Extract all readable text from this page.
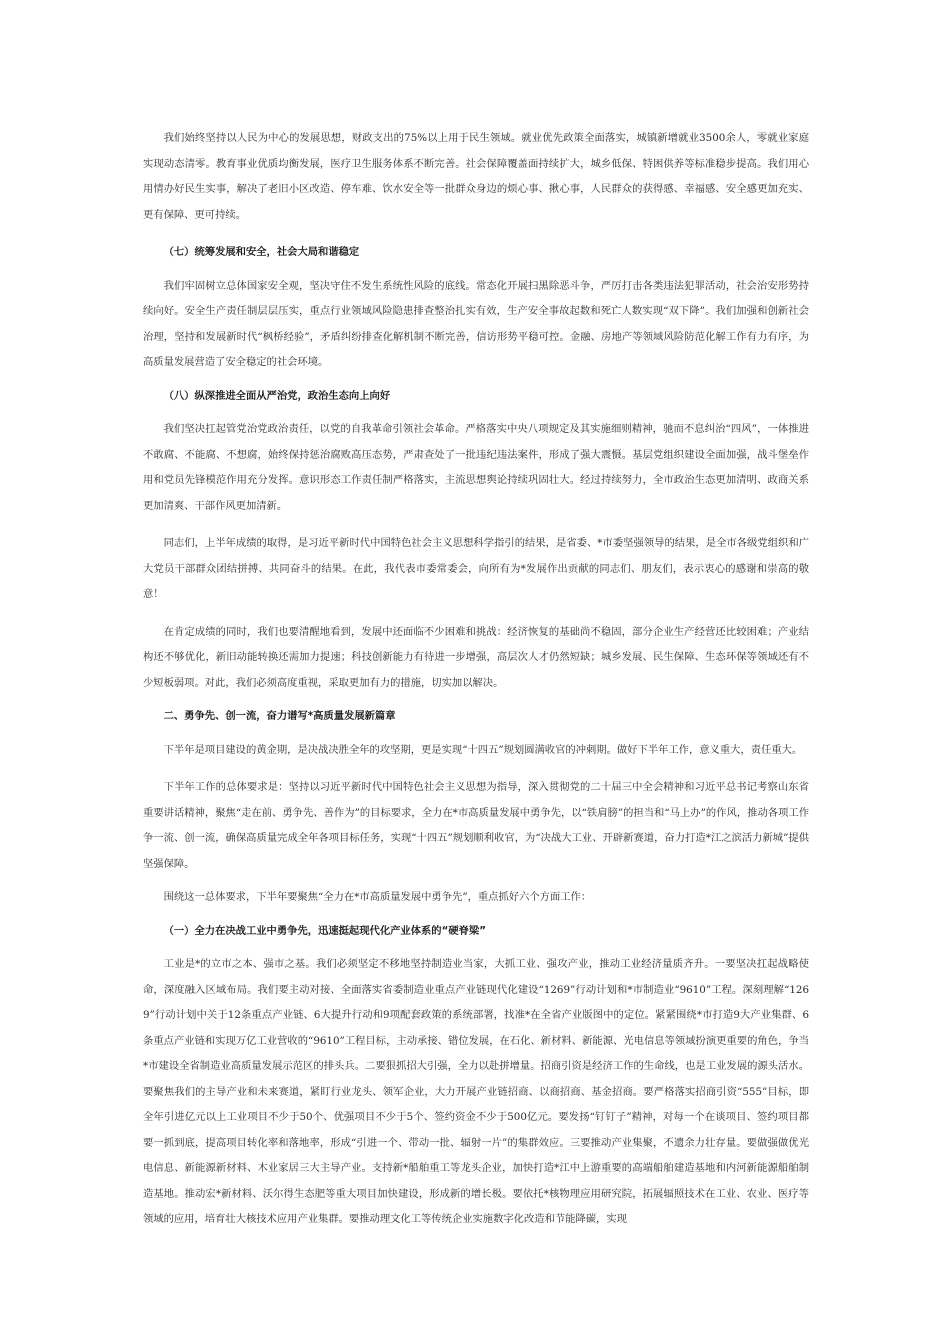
我们始终坚持以人民为中心的发展思想，财政支出的75%以上用于民生领域。就业优先政策全面落实，城镇新增就业3500余人，零就业家庭实现动态清零。教育事业优质均衡发展，医疗卫生服务体系不断完善。社会保障覆盖面持续扩大，城乡低保、特困供养等标准稳步提高。我们用心用情办好民生实事，解决了老旧小区改造、停车难、饮水安全等一批群众身边的烦心事、揪心事，人民群众的获得感、幸福感、安全感更加充实、更有保障、更可持续。

（七）统筹发展和安全，社会大局和谐稳定

我们牢固树立总体国家安全观，坚决守住不发生系统性风险的底线。常态化开展扫黑除恶斗争，严厉打击各类违法犯罪活动，社会治安形势持续向好。安全生产责任制层层压实，重点行业领域风险隐患排查整治扎实有效，生产安全事故起数和死亡人数实现“双下降”。我们加强和创新社会治理，坚持和发展新时代“枫桥经验”，矛盾纠纷排查化解机制不断完善，信访形势平稳可控。金融、房地产等领域风险防范化解工作有力有序，为高质量发展营造了安全稳定的社会环境。

（八）纵深推进全面从严治党，政治生态向上向好

我们坚决扛起管党治党政治责任，以党的自我革命引领社会革命。严格落实中央八项规定及其实施细则精神，驰而不息纠治“四风”，一体推进不敢腐、不能腐、不想腐，始终保持惩治腐败高压态势，严肃查处了一批违纪违法案件，形成了强大震慑。基层党组织建设全面加强，战斗堡垒作用和党员先锋模范作用充分发挥。意识形态工作责任制严格落实，主流思想舆论持续巩固壮大。经过持续努力，全市政治生态更加清明、政商关系更加清爽、干部作风更加清新。

同志们，上半年成绩的取得，是习近平新时代中国特色社会主义思想科学指引的结果，是省委、*市委坚强领导的结果，是全市各级党组织和广大党员干部群众团结拼搏、共同奋斗的结果。在此，我代表市委常委会，向所有为*发展作出贡献的同志们、朋友们，表示衷心的感谢和崇高的敬意！

在肯定成绩的同时，我们也要清醒地看到，发展中还面临不少困难和挑战：经济恢复的基础尚不稳固，部分企业生产经营还比较困难；产业结构还不够优化，新旧动能转换还需加力提速；科技创新能力有待进一步增强，高层次人才仍然短缺；城乡发展、民生保障、生态环保等领域还有不少短板弱项。对此，我们必须高度重视，采取更加有力的措施，切实加以解决。

二、勇争先、创一流，奋力谱写*高质量发展新篇章

下半年是项目建设的黄金期，是决战决胜全年的攻坚期，更是实现“十四五”规划圆满收官的冲刺期。做好下半年工作，意义重大，责任重大。

下半年工作的总体要求是：坚持以习近平新时代中国特色社会主义思想为指导，深入贯彻党的二十届三中全会精神和习近平总书记考察山东省重要讲话精神，聚焦“走在前、勇争先、善作为”的目标要求，全力在*市高质量发展中勇争先，以“铁肩膀”的担当和“马上办”的作风，推动各项工作争一流、创一流，确保高质量完成全年各项目标任务，实现“十四五”规划顺利收官，为“决战大工业、开辟新赛道，奋力打造*江之滨活力新城”提供坚强保障。

围绕这一总体要求，下半年要聚焦“全力在*市高质量发展中勇争先”，重点抓好六个方面工作：

（一）全力在决战工业中勇争先，迅速挺起现代化产业体系的“硬脊梁”

工业是*的立市之本、强市之基。我们必须坚定不移地坚持制造业当家，大抓工业、强攻产业，推动工业经济量质齐升。一要坚决扛起战略使命，深度融入区域布局。我们要主动对接、全面落实省委制造业重点产业链现代化建设“1269”行动计划和*市制造业“9610”工程。深刻理解“1269”行动计划中关于12条重点产业链、6大提升行动和9项配套政策的系统部署，找准*在全省产业版图中的定位。紧紧围绕*市打造9大产业集群、6条重点产业链和实现万亿工业营收的“9610”工程目标，主动承接、错位发展，在石化、新材料、新能源、光电信息等领域扮演更重要的角色，争当*市建设全省制造业高质量发展示范区的排头兵。二要狠抓招大引强，全力以赴拼增量。招商引资是经济工作的生命线，也是工业发展的源头活水。要聚焦我们的主导产业和未来赛道，紧盯行业龙头、领军企业，大力开展产业链招商、以商招商、基金招商。要严格落实招商引资“555”目标，即全年引进亿元以上工业项目不少于50个、优强项目不少于5个、签约资金不少于500亿元。要发扬“钉钉子”精神，对每一个在谈项目、签约项目都要一抓到底，提高项目转化率和落地率，形成“引进一个、带动一批、辐射一片”的集群效应。三要推动产业集聚，不遗余力壮存量。要做强做优光电信息、新能源新材料、木业家居三大主导产业。支持新*船舶重工等龙头企业，加快打造*江中上游重要的高端船舶建造基地和内河新能源船舶制造基地。推动宏*新材料、沃尔得生态肥等重大项目加快建设，形成新的增长极。要依托*核物理应用研究院，拓展辐照技术在工业、农业、医疗等领域的应用，培育壮大核技术应用产业集群。要推动理文化工等传统企业实施数字化改造和节能降碳，实现
